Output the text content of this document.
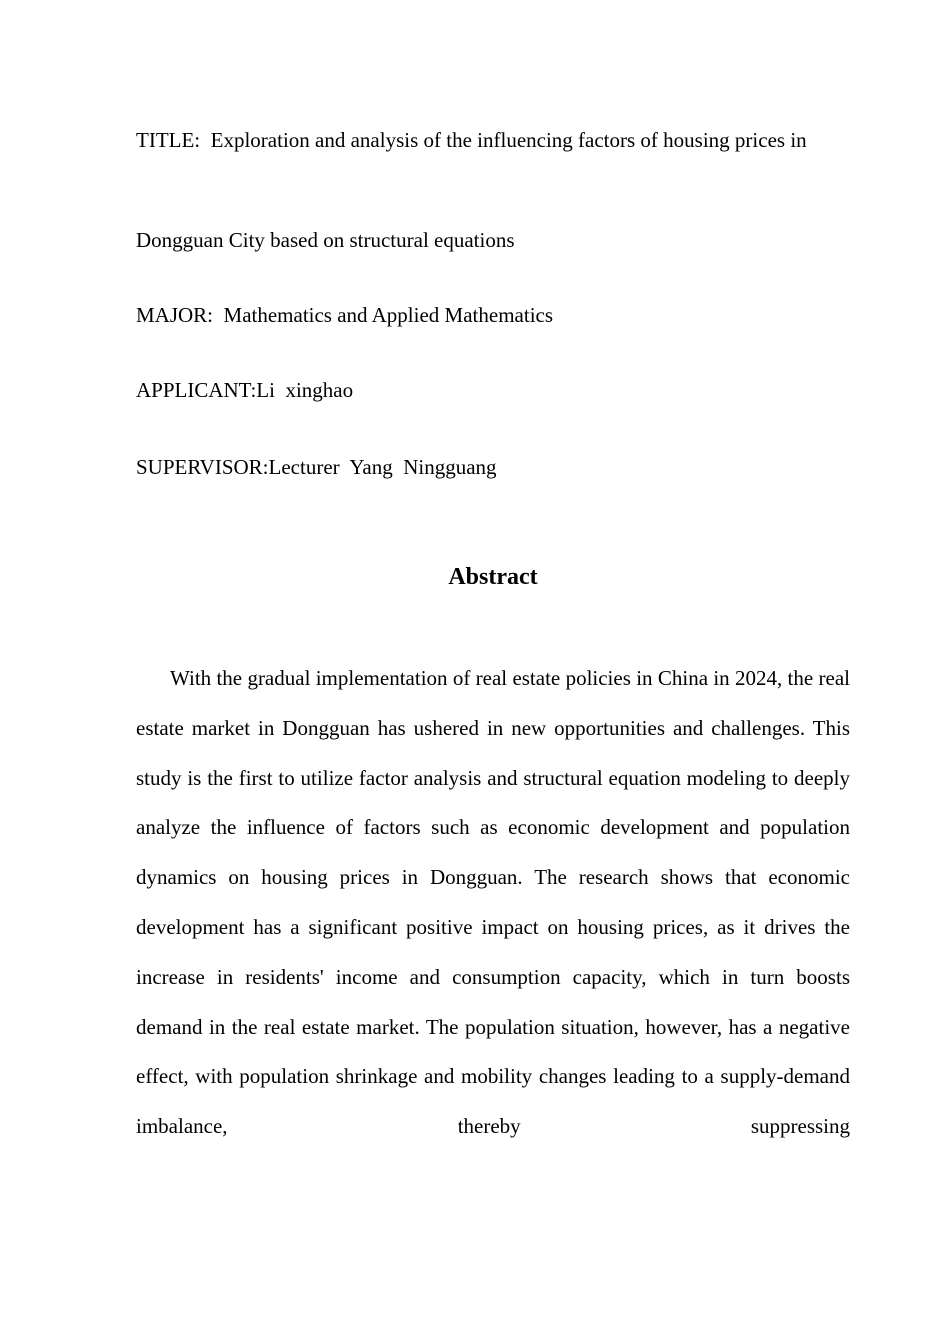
TITLE:  Exploration and analysis of the influencing factors of housing prices in
Dongguan City based on structural equations
MAJOR:  Mathematics and Applied Mathematics
APPLICANT:Li  xinghao
SUPERVISOR:Lecturer  Yang  Ningguang
Abstract

With the gradual implementation of real estate policies in China in 2024, the real estate market in Dongguan has ushered in new opportunities and challenges. This study is the first to utilize factor analysis and structural equation modeling to deeply analyze the influence of factors such as economic development and population dynamics on housing prices in Dongguan. The research shows that economic development has a significant positive impact on housing prices, as it drives the increase in residents' income and consumption capacity, which in turn boosts demand in the real estate market. The population situation, however, has a negative effect, with population shrinkage and mobility changes leading to a supply-demand imbalance, thereby suppressing
